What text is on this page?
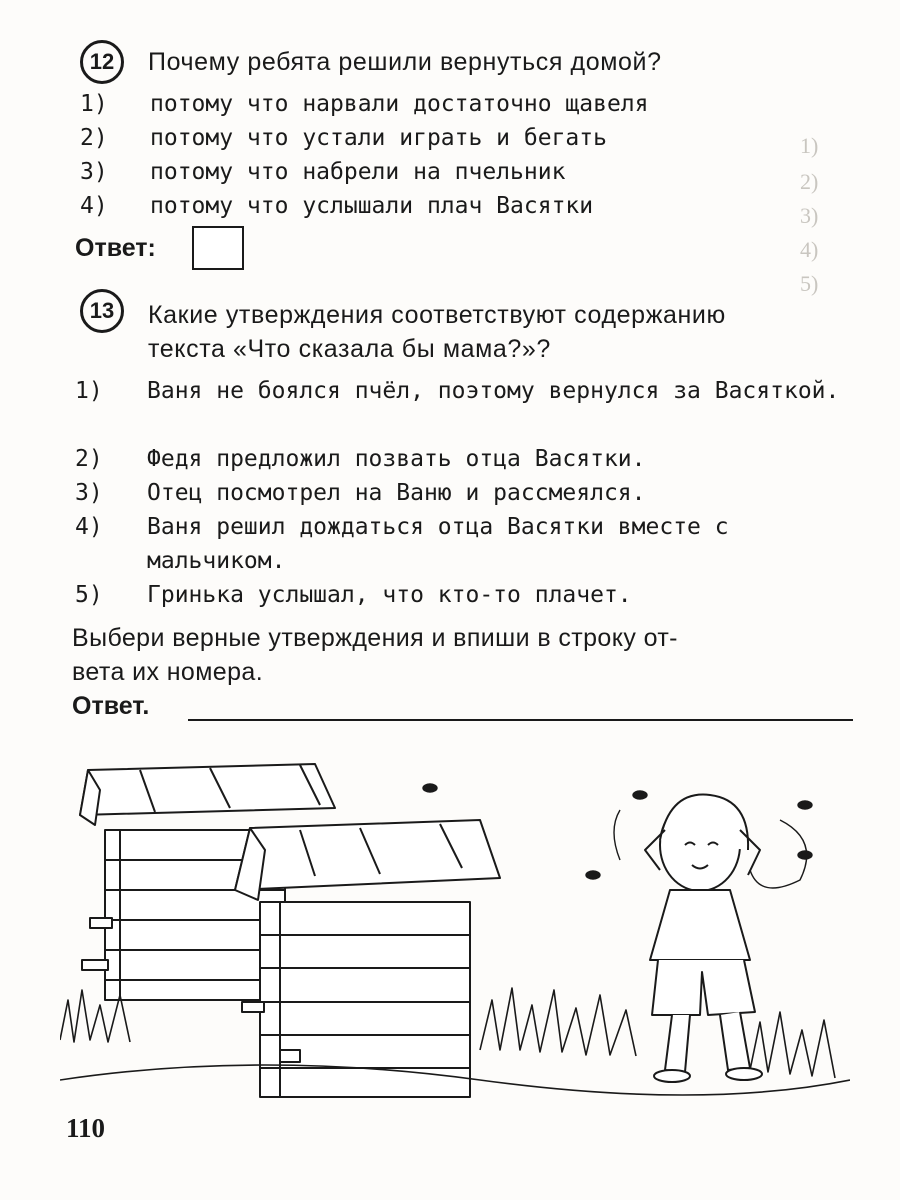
1)
2)
3)
4)
5)
12 Почему ребята решили вернуться домой?
1) потому что нарвали достаточно щавеля
2) потому что устали играть и бегать
3) потому что набрели на пчельник
4) потому что услышали плач Васятки
Ответ:
13 Какие утверждения соответствуют содержанию
текста «Что сказала бы мама?»?
1) Ваня не боялся пчёл, поэтому вернулся за Васяткой.
2) Федя предложил позвать отца Васятки.
3) Отец посмотрел на Ваню и рассмеялся.
4) Ваня решил дождаться отца Васятки вместе с мальчиком.
5) Гринька услышал, что кто-то плачет.
Выбери верные утверждения и впиши в строку от-
вета их номера.
Ответ.
110
